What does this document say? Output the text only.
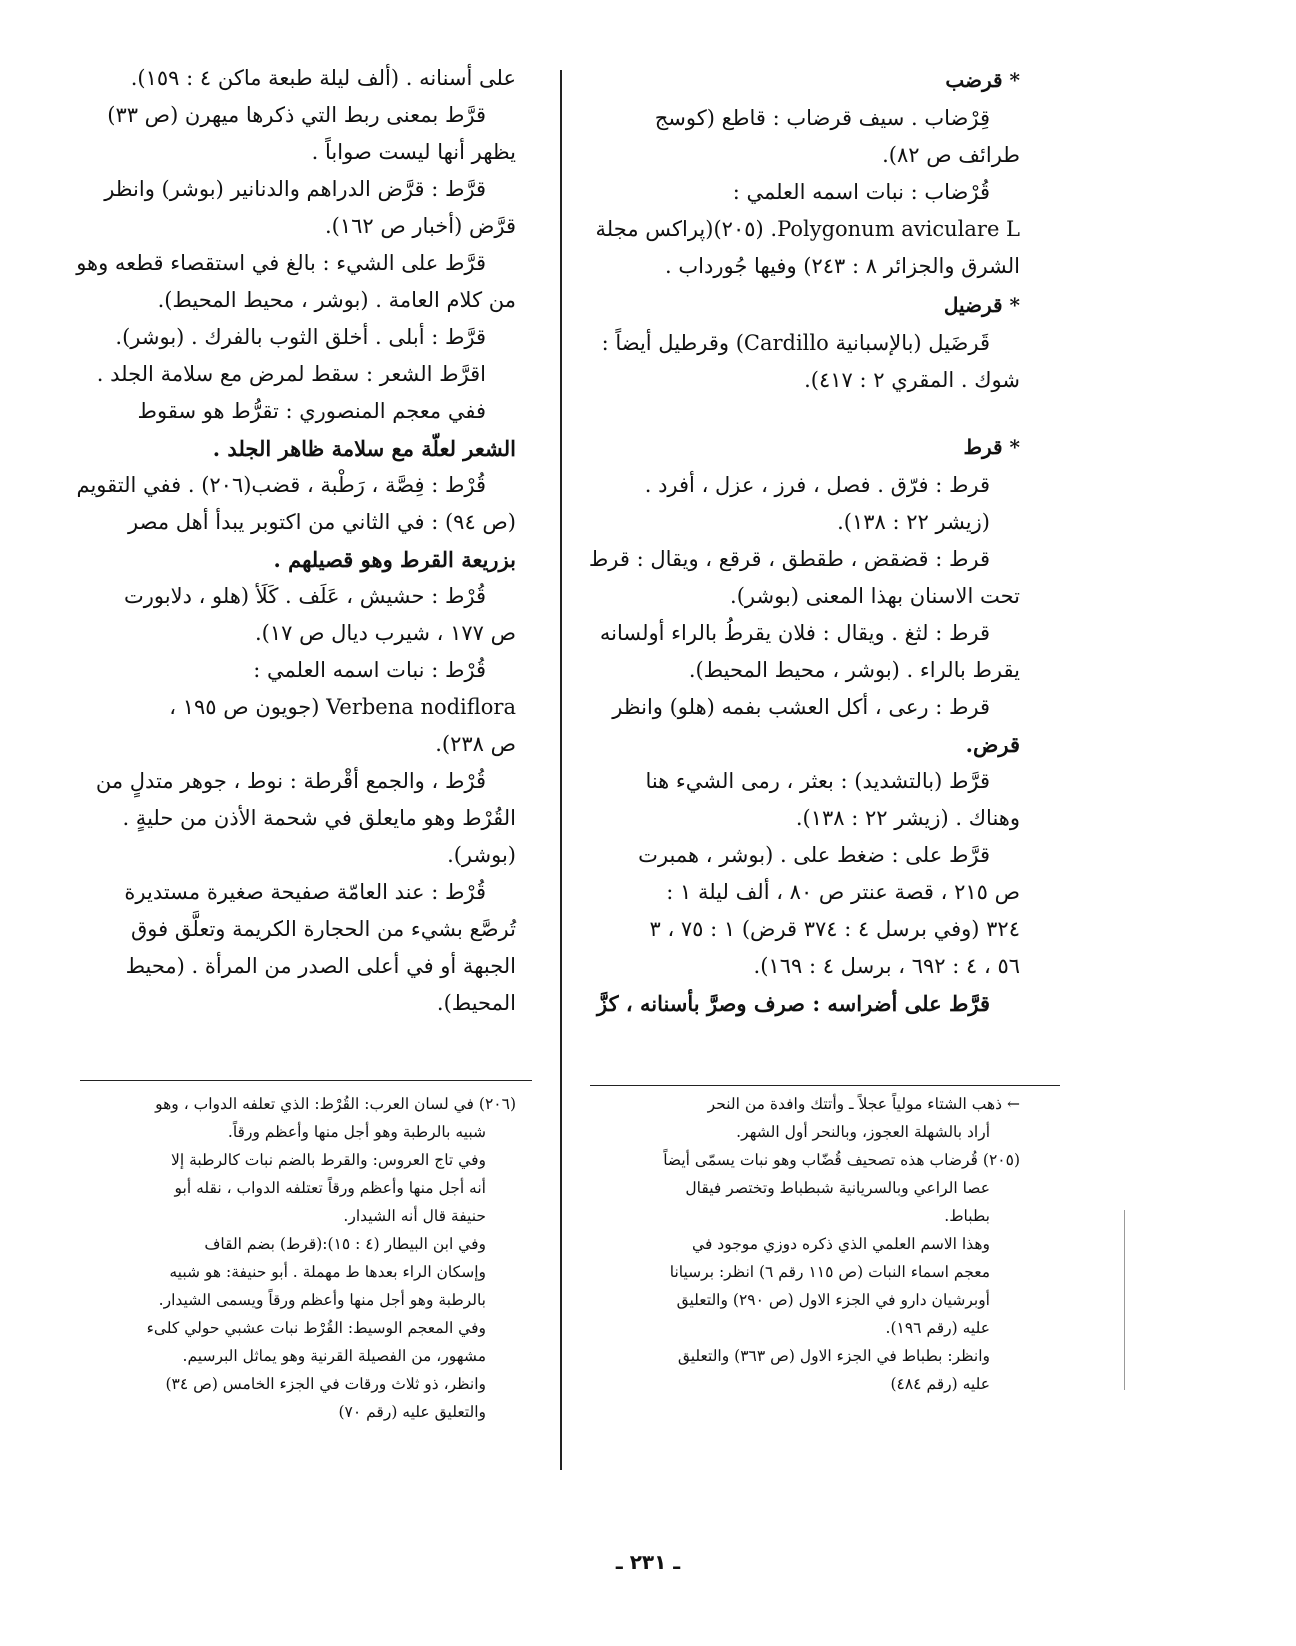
* قرضب
قِرْضاب . سيف قرضاب : قاطع (كوسج
طرائف ص ٨٢).
قُرْضاب : نبات اسمه العلمي :
Polygonum aviculare L. (٢٠٥)(پراكس مجلة
الشرق والجزائر ٨ : ٢٤٣) وفيها جُورداب .
* قرضيل
قَرضَيل (بالإسبانية Cardillo) وقرطيل أيضاً :
شوك . المقري ٢ : ٤١٧).
* قرط
قرط : فرّق . فصل ، فرز ، عزل ، أفرد .
(زيشر ٢٢ : ١٣٨).
قرط : قضقض ، طقطق ، قرقع ، ويقال : قرط
تحت الاسنان بهذا المعنى (بوشر).
قرط : لثغ . ويقال : فلان يقرطُ بالراء أولسانه
يقرط بالراء . (بوشر ، محيط المحيط).
قرط : رعى ، أكل العشب بفمه (هلو) وانظر
قرض.
قرَّط (بالتشديد) : بعثر ، رمى الشيء هنا
وهناك . (زيشر ٢٢ : ١٣٨).
قرَّط على : ضغط على . (بوشر ، همبرت
ص ٢١٥ ، قصة عنتر ص ٨٠ ، ألف ليلة ١ :
٣٢٤ (وفي برسل ٤ : ٣٧٤ قرض) ١ : ٧٥ ، ٣
٥٦ ، ٤ : ٦٩٢ ، برسل ٤ : ١٦٩).
قرَّط على أضراسه : صرف وصرَّ بأسنانه ، كزَّ
على أسنانه . (ألف ليلة طبعة ماكن ٤ : ١٥٩).
قرَّط بمعنى ربط التي ذكرها ميهرن (ص ٣٣)
يظهر أنها ليست صواباً .
قرَّط : قرَّض الدراهم والدنانير (بوشر) وانظر
قرَّض (أخبار ص ١٦٢).
قرَّط على الشيء : بالغ في استقصاء قطعه وهو
من كلام العامة . (بوشر ، محيط المحيط).
قرَّط : أبلى . أخلق الثوب بالفرك . (بوشر).
اقرَّط الشعر : سقط لمرض مع سلامة الجلد .
ففي معجم المنصوري : تقرُّط هو سقوط
الشعر لعلّة مع سلامة ظاهر الجلد .
قُرْط : فِصَّة ، رَطْبة ، قضب(٢٠٦) . ففي التقويم
(ص ٩٤) : في الثاني من اكتوبر يبدأ أهل مصر
بزريعة القرط وهو قصيلهم .
قُرْط : حشيش ، عَلَف . كَلَأ (هلو ، دلابورت
ص ١٧٧ ، شيرب ديال ص ١٧).
قُرْط : نبات اسمه العلمي :
Verbena nodiflora (جويون ص ١٩٥ ،
ص ٢٣٨).
قُرْط ، والجمع أقْرطة : نوط ، جوهر متدلٍ من
القُرْط وهو مايعلق في شحمة الأذن من حليةٍ .
(بوشر).
قُرْط : عند العامّة صفيحة صغيرة مستديرة
تُرصَّع بشيء من الحجارة الكريمة وتعلَّق فوق
الجبهة أو في أعلى الصدر من المرأة . (محيط
المحيط).
← ذهب الشتاء مولياً عجلاً ـ وأتتك وافدة من النحر
أراد بالشهلة العجوز، وبالنحر أول الشهر.
(٢٠٥) قُرضاب هذه تصحيف قُضّاب وهو نبات يسمّى أيضاً
عصا الراعي وبالسريانية شبطباط وتختصر فيقال
بطباط.
وهذا الاسم العلمي الذي ذكره دوزي موجود في
معجم اسماء النبات (ص ١١٥ رقم ٦) انظر: برسيانا
أوبرشيان دارو في الجزء الاول (ص ٢٩٠) والتعليق
عليه (رقم ١٩٦).
وانظر: بطباط في الجزء الاول (ص ٣٦٣) والتعليق
عليه (رقم ٤٨٤)
(٢٠٦) في لسان العرب: القُرْط: الذي تعلفه الدواب ، وهو
شبيه بالرطبة وهو أجل منها وأعظم ورقاً.
وفي تاج العروس: والقرط بالضم نبات كالرطبة إلا
أنه أجل منها وأعظم ورقاً تعتلفه الدواب ، نقله أبو
حنيفة قال أنه الشيدار.
وفي ابن البيطار (٤ : ١٥):(قرط) بضم القاف
وإسكان الراء بعدها ط مهملة . أبو حنيفة: هو شبيه
بالرطبة وهو أجل منها وأعظم ورقاً ويسمى الشيدار.
وفي المعجم الوسيط: القُرْط نبات عشبي حولي كلىء
مشهور، من الفصيلة القرنية وهو يماثل البرسيم.
وانظر، ذو ثلاث ورقات في الجزء الخامس (ص ٣٤)
والتعليق عليه (رقم ٧٠)
ـ ٢٣١ ـ
